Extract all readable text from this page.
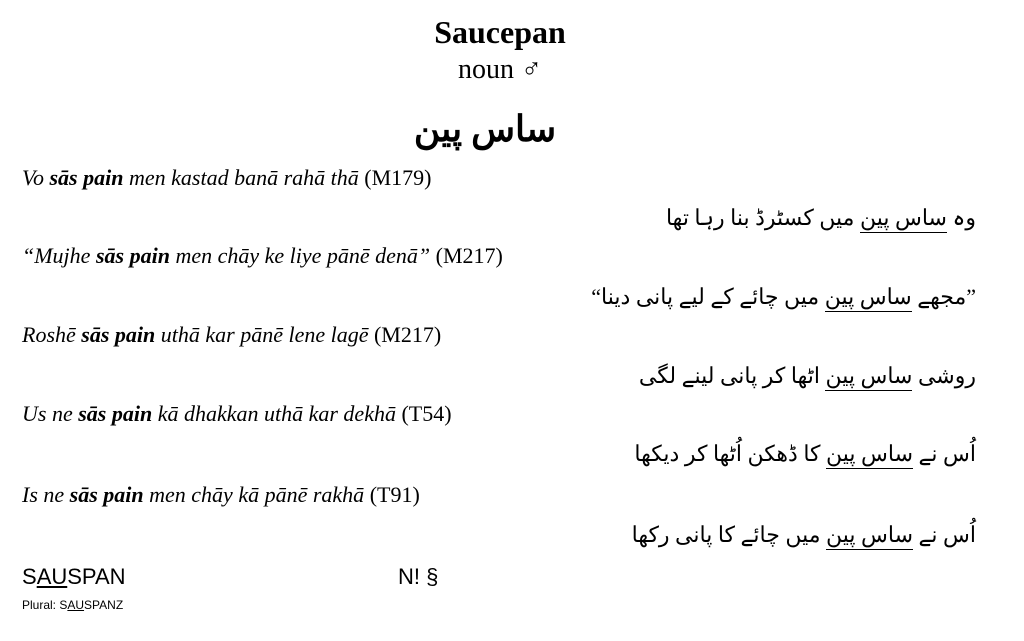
Saucepan
noun ♂
ساس پین
Vo sās pain men kastad banā rahā thā (M179)
وہ ساس پین میں کسٹرڈ بنا رہا تھا
“Mujhe sās pain men chāy ke liye pānē denā” (M217)
”مجھے ساس پین میں چائے کے لیے پانی دینا“
Roshē sās pain uthā kar pānē lene lagē (M217)
روشی ساس پین اٹھا کر پانی لینے لگی
Us ne sās pain kā dhakkan uthā kar dekhā (T54)
اُس نے ساس پین کا ڈھکن اُٹھا کر دیکھا
Is ne sās pain men chāy kā pānē rakhā (T91)
اُس نے ساس پین میں چائے کا پانی رکھا
SAUSPAN
Plural: SAUSPANZ
N! §
